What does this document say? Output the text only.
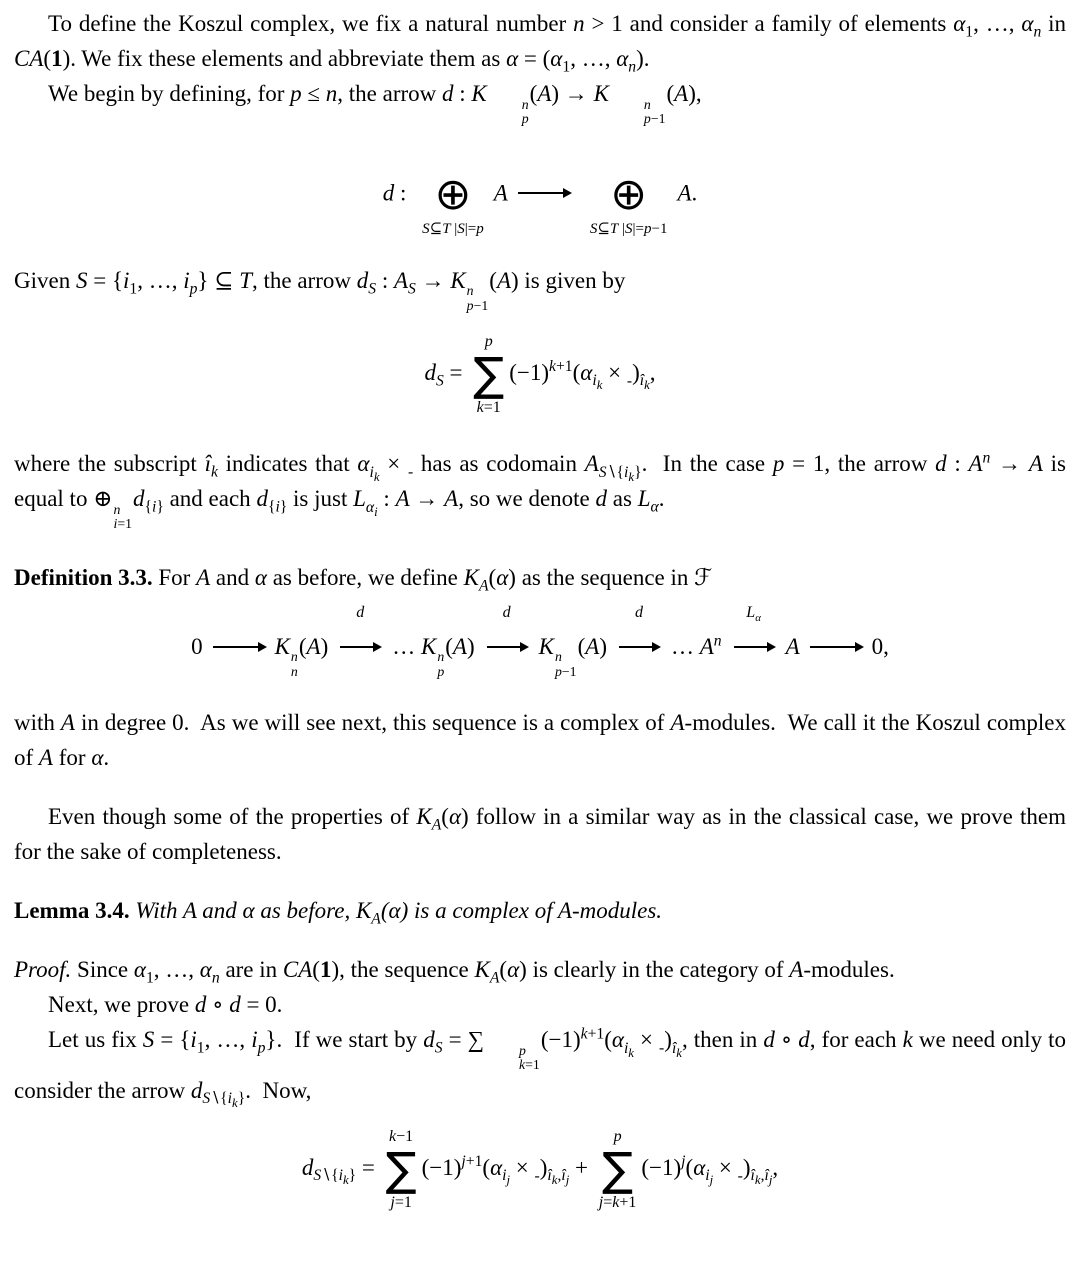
To define the Koszul complex, we fix a natural number n > 1 and consider a family of elements $\alpha_1$, …, $\alpha_n$ in CA(1). We fix these elements and abbreviate them as $\alpha = (\alpha_1$, …, $\alpha_n$).

We begin by defining, for p ≤ n, the arrow d : K	n
p
(A) → K	n
p−1
(A),

d : ⊕
S⊆T |S|=p
A ⊕
S⊆T |S|=p−1
A.

Given $S = \{i_1$, …, $i_p$} ⊆ T, the arrow $d_S$ : $A_S \to K$ n
p−1
(A) is given by

$d_S$ =
p
∑
k=1
$(-1)^{k+1}(\alpha_{i_k} \times _-)_{î_k}$,

where the subscript $î_k$ indicates that $\alpha_{i_k} \times _-$ has as codomain $A_{S∖\{i_k\}}$.  In the case p = 1, the arrow d : $A^n \to A$ is equal to ⊕ n
i=1
$d_{\{i\}}$ and each $d_{\{i\}}$ is just $L_{\alpha_i}$ : A → A, so we denote d as $L_\alpha$.

Definition 3.3. For A and α as before, we define $K_A(\alpha)$ as the sequence in ℱ

0	K n
n
(A)
d
… K n
p
(A)
d
K n
p−1
(A)
d
… $A^n$
$L_\alpha$
A	0,

with A in degree 0.  As we will see next, this sequence is a complex of A-modules.  We call it the Koszul complex of A for α.

Even though some of the properties of $K_A(\alpha)$ follow in a similar way as in the classical case, we prove them for the sake of completeness.

Lemma 3.4. With A and α as before, $K_A(\alpha)$ is a complex of A-modules.

Proof. Since $\alpha_1$, …, $\alpha_n$ are in CA(1), the sequence $K_A(\alpha)$ is clearly in the category of A-modules.

Next, we prove d ∘ d = 0.

Let us fix $S = \{i_1$, …, $i_p$}.  If we start by $d_S$ = ∑	p
k=1
$(-1)^{k+1}(\alpha_{i_k} \times _-)_{î_k}$, then in d ∘ d, for each k we need only to consider the arrow $d_{S∖\{i_k\}}$.  Now,

$d_{S∖\{i_k\}}$ =
k−1
∑
j=1
$(-1)^{j+1}(\alpha_{i_j} \times _-)_{î_k,î_j}$ +
p
∑
j=k+1
$(-1)^j(\alpha_{i_j} \times _-)_{î_k,î_j}$,
